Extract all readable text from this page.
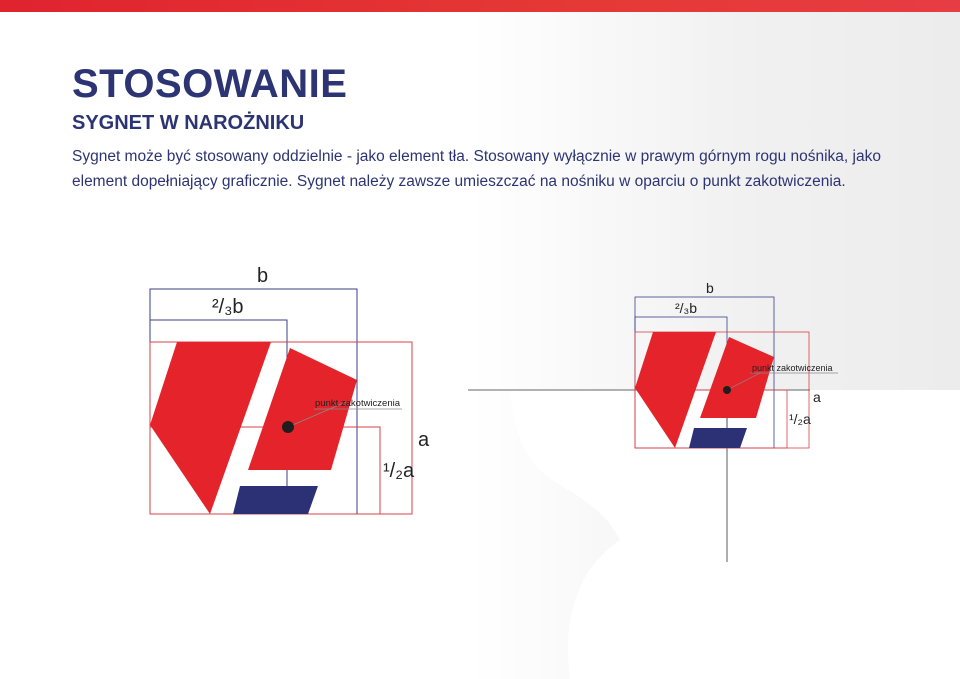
STOSOWANIE
SYGNET W NAROŻNIKU

Sygnet może być stosowany oddzielnie - jako element tła. Stosowany wyłącznie w prawym górnym rogu nośnika, jako element dopełniający graficznie. Sygnet należy zawsze umieszczać na nośniku w oparciu o punkt zakotwiczenia.

b
²/₃b
a
¹/₂a
punkt zakotwiczenia
b
²/₃b
a
¹/₂a
punkt zakotwiczenia
